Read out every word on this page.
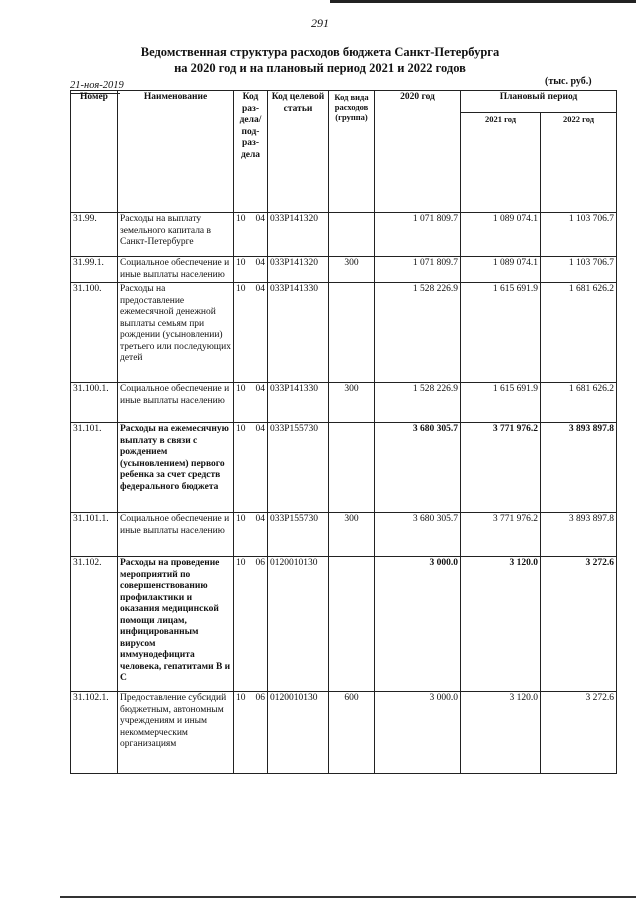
291
Ведомственная структура расходов бюджета Санкт-Петербурга
на 2020 год и на плановый период 2021 и 2022 годов
21-ноя-2019	(тыс. руб.)
Номер	Наименование	Код раз- дела/ под- раз- дела	Код целевой статьи	Код вида расходов (группа)	2020 год	Плановый период	
						2021 год	2022 год
31.99.	Расходы на выплату земельного капитала в Санкт-Петербурге	10 04	033P141320		1 071 809.7	1 089 074.1	1 103 706.7
31.99.1.	Социальное обеспечение и иные выплаты населению	10 04	033P141320	300	1 071 809.7	1 089 074.1	1 103 706.7
31.100.	Расходы на предоставление ежемесячной денежной выплаты семьям при рождении (усыновлении) третьего или последующих детей	10 04	033P141330		1 528 226.9	1 615 691.9	1 681 626.2
31.100.1.	Социальное обеспечение и иные выплаты населению	10 04	033P141330	300	1 528 226.9	1 615 691.9	1 681 626.2
31.101.	Расходы на ежемесячную выплату в связи с рождением (усыновлением) первого ребенка за счет средств федерального бюджета	10 04	033P155730		3 680 305.7	3 771 976.2	3 893 897.8
31.101.1.	Социальное обеспечение и иные выплаты населению	10 04	033P155730	300	3 680 305.7	3 771 976.2	3 893 897.8
31.102.	Расходы на проведение мероприятий по совершенствованию профилактики и оказания медицинской помощи лицам, инфицированным вирусом иммунодефицита человека, гепатитами В и С	10 06	0120010130		3 000.0	3 120.0	3 272.6
31.102.1.	Предоставление субсидий бюджетным, автономным учреждениям и иным некоммерческим организациям	10 06	0120010130	600	3 000.0	3 120.0	3 272.6
